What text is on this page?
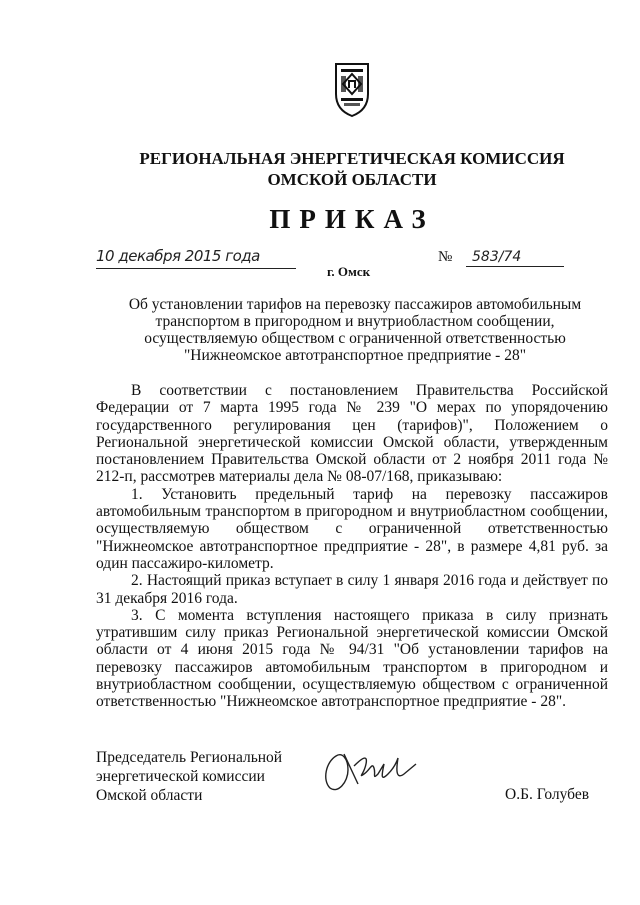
РЕГИОНАЛЬНАЯ ЭНЕРГЕТИЧЕСКАЯ КОМИССИЯ
ОМСКОЙ ОБЛАСТИ
ПРИКАЗ
10 декабря 2015 года	№	583/74
г. Омск
Об установлении тарифов на перевозку пассажиров автомобильным
транспортом в пригородном и внутриобластном сообщении,
осуществляемую обществом с ограниченной ответственностью
"Нижнеомское автотранспортное предприятие - 28"

В соответствии с постановлением Правительства Российской Федерации от 7 марта 1995 года № 239 "О мерах по упорядочению государственного регулирования цен (тарифов)", Положением о Региональной энергетической комиссии Омской области, утвержденным постановлением Правительства Омской области от 2 ноября 2011 года № 212-п, рассмотрев материалы дела № 08-07/168, приказываю:

1. Установить предельный тариф на перевозку пассажиров автомобильным транспортом в пригородном и внутриобластном сообщении, осуществляемую обществом с ограниченной ответственностью "Нижнеомское автотранспортное предприятие - 28", в размере 4,81 руб. за один пассажиро-километр.

2. Настоящий приказ вступает в силу 1 января 2016 года и действует по 31 декабря 2016 года.

3. С момента вступления настоящего приказа в силу признать утратившим силу приказ Региональной энергетической комиссии Омской области от 4 июня 2015 года № 94/31 "Об установлении тарифов на перевозку пассажиров автомобильным транспортом в пригородном и внутриобластном сообщении, осуществляемую обществом с ограниченной ответственностью "Нижнеомское автотранспортное предприятие - 28".

Председатель Региональной
энергетической комиссии
Омской области	О.Б. Голубев
